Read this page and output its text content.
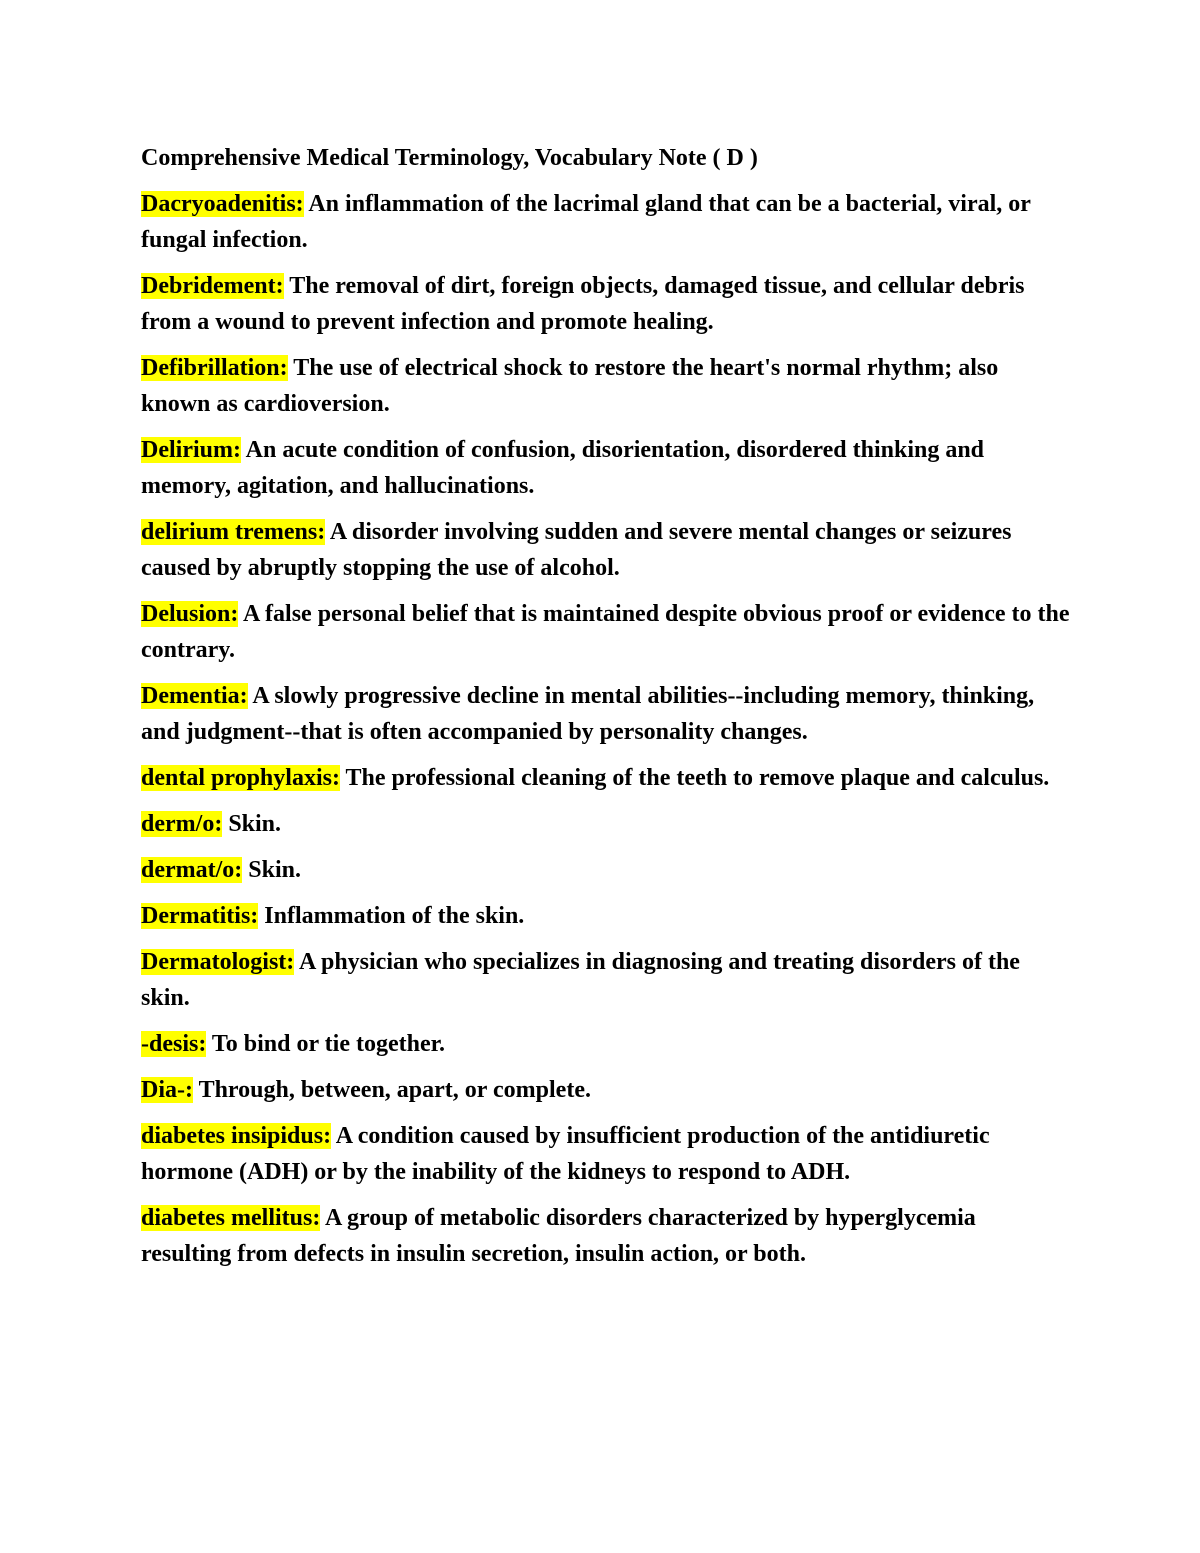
Comprehensive Medical Terminology, Vocabulary Note ( D )

Dacryoadenitis: An inflammation of the lacrimal gland that can be a bacterial, viral, or fungal infection.

Debridement: The removal of dirt, foreign objects, damaged tissue, and cellular debris from a wound to prevent infection and promote healing.

Defibrillation: The use of electrical shock to restore the heart's normal rhythm; also known as cardioversion.

Delirium: An acute condition of confusion, disorientation, disordered thinking and memory, agitation, and hallucinations.

delirium tremens: A disorder involving sudden and severe mental changes or seizures caused by abruptly stopping the use of alcohol.

Delusion: A false personal belief that is maintained despite obvious proof or evidence to the contrary.

Dementia: A slowly progressive decline in mental abilities--including memory, thinking, and judgment--that is often accompanied by personality changes.

dental prophylaxis: The professional cleaning of the teeth to remove plaque and calculus.

derm/o: Skin.

dermat/o: Skin.

Dermatitis: Inflammation of the skin.

Dermatologist: A physician who specializes in diagnosing and treating disorders of the skin.

-desis: To bind or tie together.

Dia-: Through, between, apart, or complete.

diabetes insipidus: A condition caused by insufficient production of the antidiuretic hormone (ADH) or by the inability of the kidneys to respond to ADH.

diabetes mellitus: A group of metabolic disorders characterized by hyperglycemia resulting from defects in insulin secretion, insulin action, or both.
